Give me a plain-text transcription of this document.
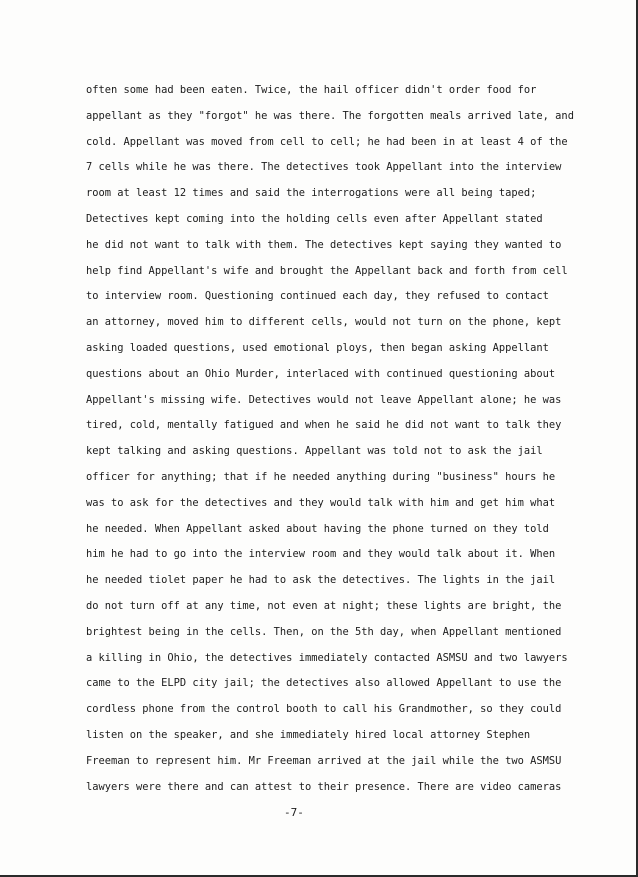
often some had been eaten. Twice, the hail officer didn't order food for
appellant as they "forgot" he was there. The forgotten meals arrived late, and
cold. Appellant was moved from cell to cell; he had been in at least 4 of the
7 cells while he was there. The detectives took Appellant into the interview
room at least 12 times and said the interrogations were all being taped;
Detectives kept coming into the holding cells even after Appellant stated
he did not want to talk with them. The detectives kept saying they wanted to
help find Appellant's wife and brought the Appellant back and forth from cell
to interview room. Questioning continued each day, they refused to contact
an attorney, moved him to different cells, would not turn on the phone, kept
asking loaded questions, used emotional ploys, then began asking Appellant
questions about an Ohio Murder, interlaced with continued questioning about
Appellant's missing wife. Detectives would not leave Appellant alone; he was
tired, cold, mentally fatigued and when he said he did not want to talk they
kept talking and asking questions. Appellant was told not to ask the jail
officer for anything; that if he needed anything during "business" hours he
was to ask for the detectives and they would talk with him and get him what
he needed. When Appellant asked about having the phone turned on they told
him he had to go into the interview room and they would talk about it. When
he needed tiolet paper he had to ask the detectives. The lights in the jail
do not turn off at any time, not even at night; these lights are bright, the
brightest being in the cells. Then, on the 5th day, when Appellant mentioned
a killing in Ohio, the detectives immediately contacted ASMSU and two lawyers
came to the ELPD city jail; the detectives also allowed Appellant to use the
cordless phone from the control booth to call his Grandmother, so they could
listen on the speaker, and she immediately hired local attorney Stephen
Freeman to represent him. Mr Freeman arrived at the jail while the two ASMSU
lawyers were there and can attest to their presence. There are video cameras
-7-
